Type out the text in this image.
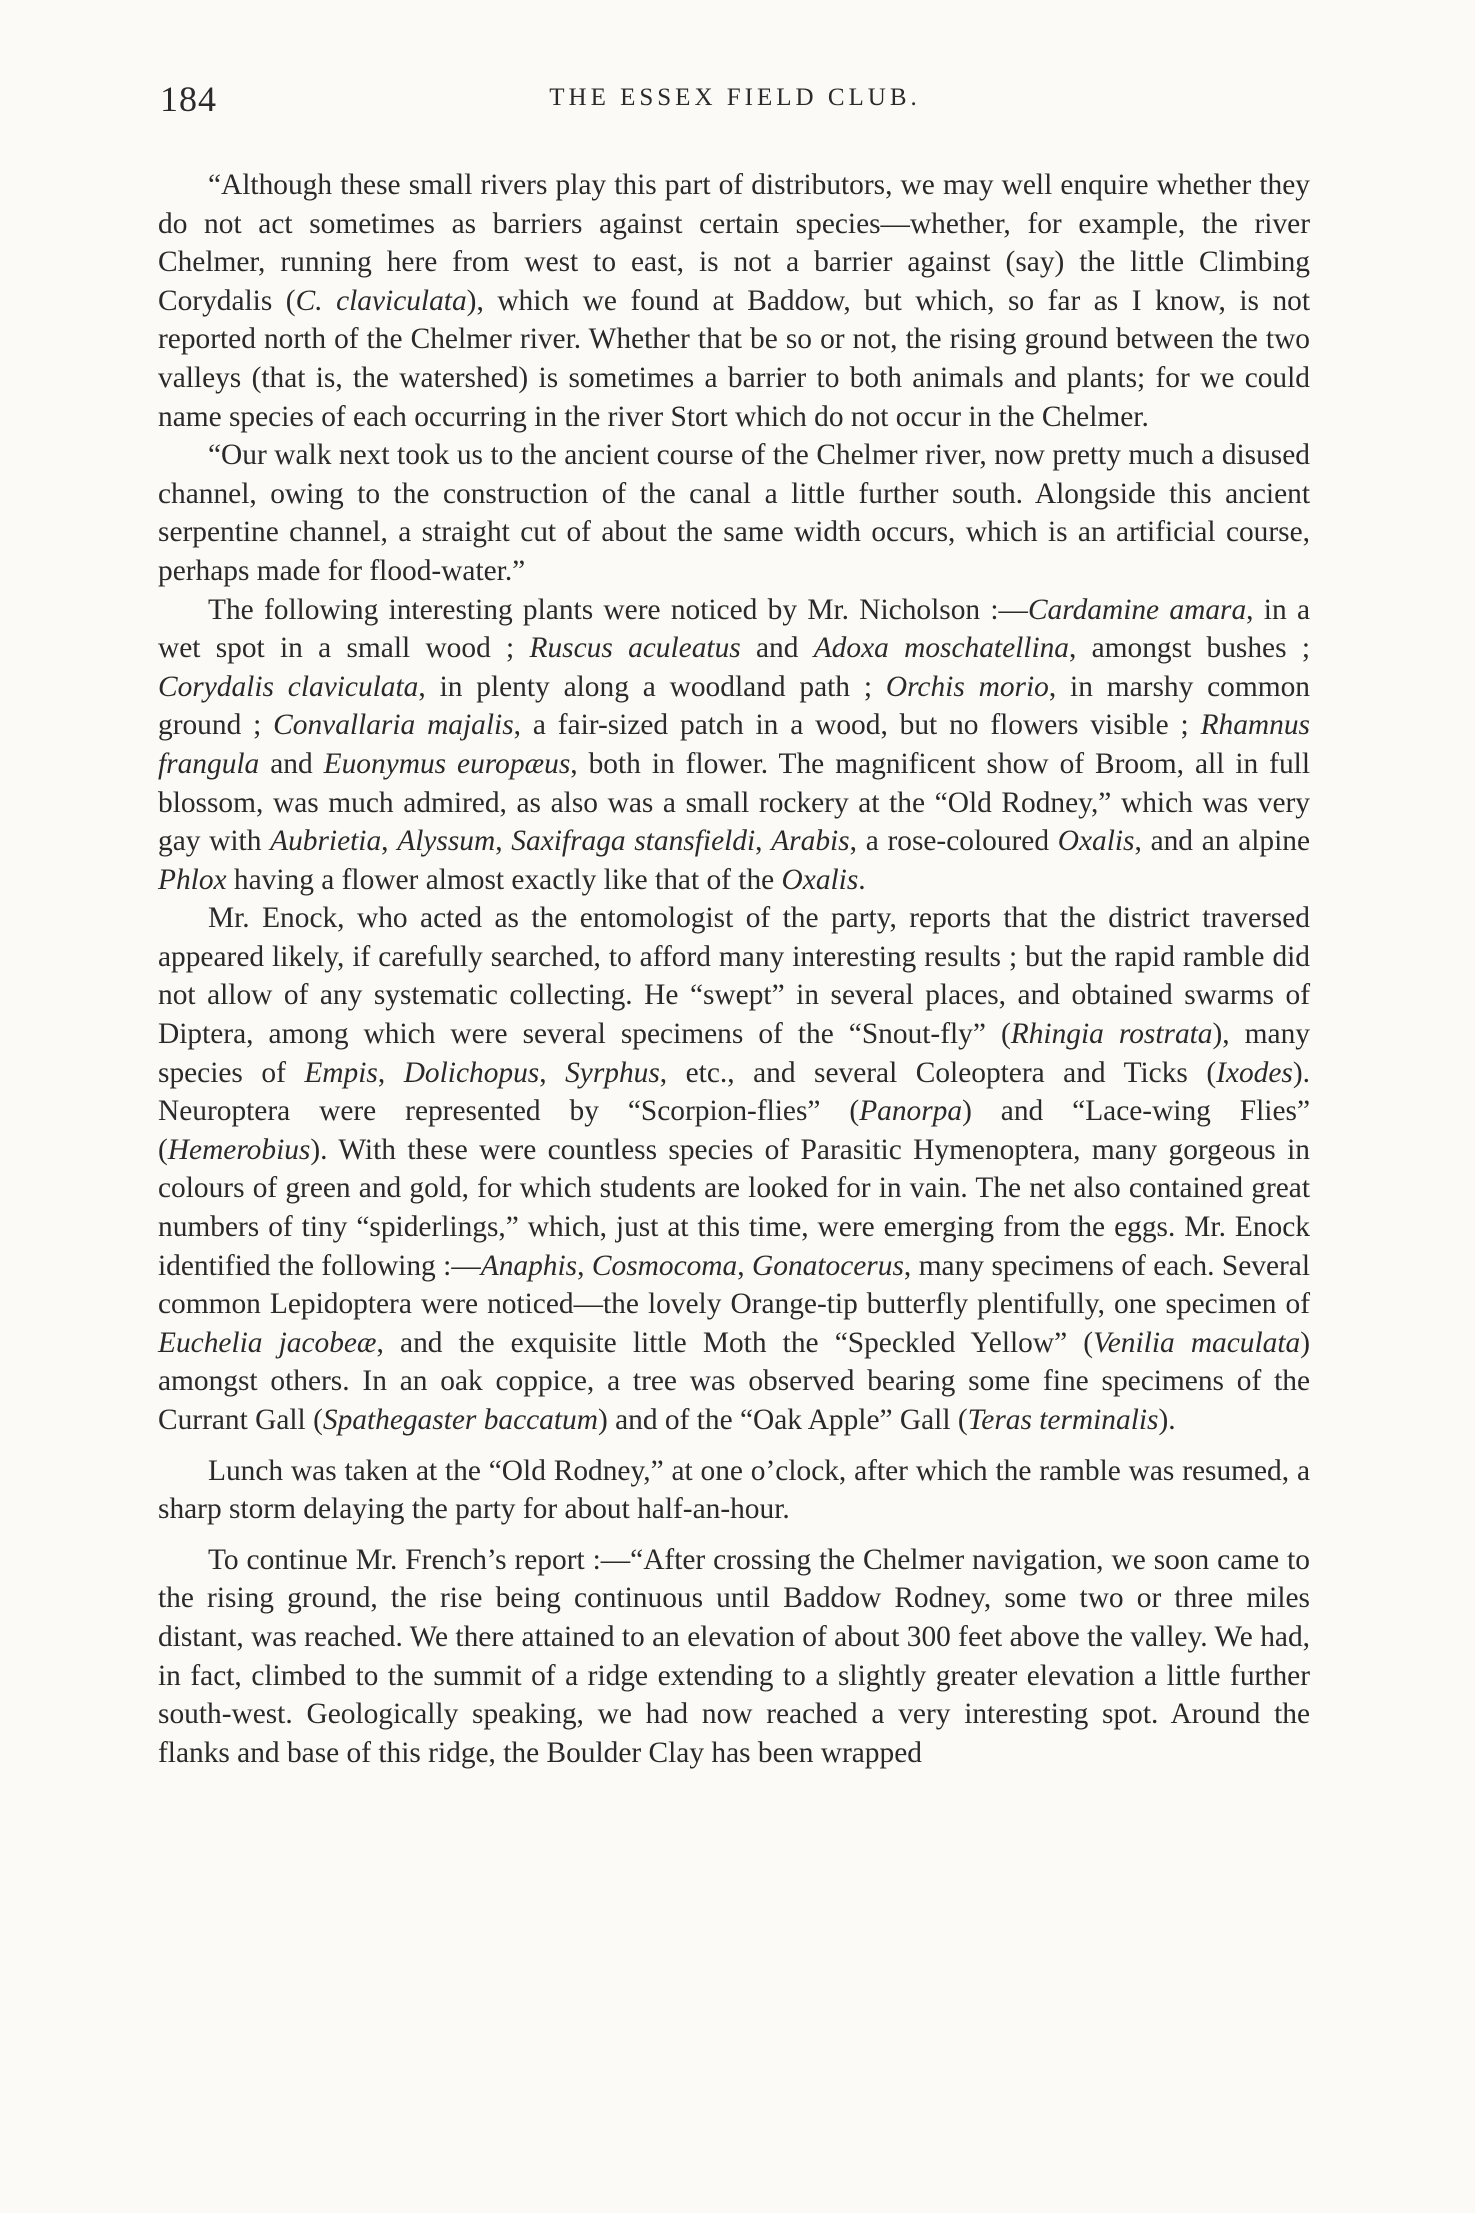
184	THE ESSEX FIELD CLUB.

“Although these small rivers play this part of distributors, we may well enquire whether they do not act sometimes as barriers against certain species—whether, for example, the river Chelmer, running here from west to east, is not a barrier against (say) the little Climbing Corydalis (C. claviculata), which we found at Baddow, but which, so far as I know, is not reported north of the Chelmer river. Whether that be so or not, the rising ground between the two valleys (that is, the watershed) is sometimes a barrier to both animals and plants; for we could name species of each occurring in the river Stort which do not occur in the Chelmer.

“Our walk next took us to the ancient course of the Chelmer river, now pretty much a disused channel, owing to the construction of the canal a little further south. Alongside this ancient serpentine channel, a straight cut of about the same width occurs, which is an artificial course, perhaps made for flood-water.”

The following interesting plants were noticed by Mr. Nicholson :—Cardamine amara, in a wet spot in a small wood ; Ruscus aculeatus and Adoxa moschatellina, amongst bushes ; Corydalis claviculata, in plenty along a woodland path ; Orchis morio, in marshy common ground ; Convallaria majalis, a fair-sized patch in a wood, but no flowers visible ; Rhamnus frangula and Euonymus europæus, both in flower. The magnificent show of Broom, all in full blossom, was much admired, as also was a small rockery at the “Old Rodney,” which was very gay with Aubrietia, Alyssum, Saxifraga stansfieldi, Arabis, a rose-coloured Oxalis, and an alpine Phlox having a flower almost exactly like that of the Oxalis.

Mr. Enock, who acted as the entomologist of the party, reports that the district traversed appeared likely, if carefully searched, to afford many interesting results ; but the rapid ramble did not allow of any systematic collecting. He “swept” in several places, and obtained swarms of Diptera, among which were several specimens of the “Snout-fly” (Rhingia rostrata), many species of Empis, Dolichopus, Syrphus, etc., and several Coleoptera and Ticks (Ixodes). Neuroptera were represented by “Scorpion-flies” (Panorpa) and “Lace-wing Flies” (Hemerobius). With these were countless species of Parasitic Hymenoptera, many gorgeous in colours of green and gold, for which students are looked for in vain. The net also contained great numbers of tiny “spiderlings,” which, just at this time, were emerging from the eggs. Mr. Enock identified the following :—Anaphis, Cosmocoma, Gonatocerus, many specimens of each. Several common Lepidoptera were noticed—the lovely Orange-tip butterfly plentifully, one specimen of Euchelia jacobeæ, and the exquisite little Moth the “Speckled Yellow” (Venilia maculata) amongst others. In an oak coppice, a tree was observed bearing some fine specimens of the Currant Gall (Spathegaster baccatum) and of the “Oak Apple” Gall (Teras terminalis).

Lunch was taken at the “Old Rodney,” at one o’clock, after which the ramble was resumed, a sharp storm delaying the party for about half-an-hour.

To continue Mr. French’s report :—“After crossing the Chelmer navigation, we soon came to the rising ground, the rise being continuous until Baddow Rodney, some two or three miles distant, was reached. We there attained to an elevation of about 300 feet above the valley. We had, in fact, climbed to the summit of a ridge extending to a slightly greater elevation a little further south-west. Geologically speaking, we had now reached a very interesting spot. Around the flanks and base of this ridge, the Boulder Clay has been wrapped
